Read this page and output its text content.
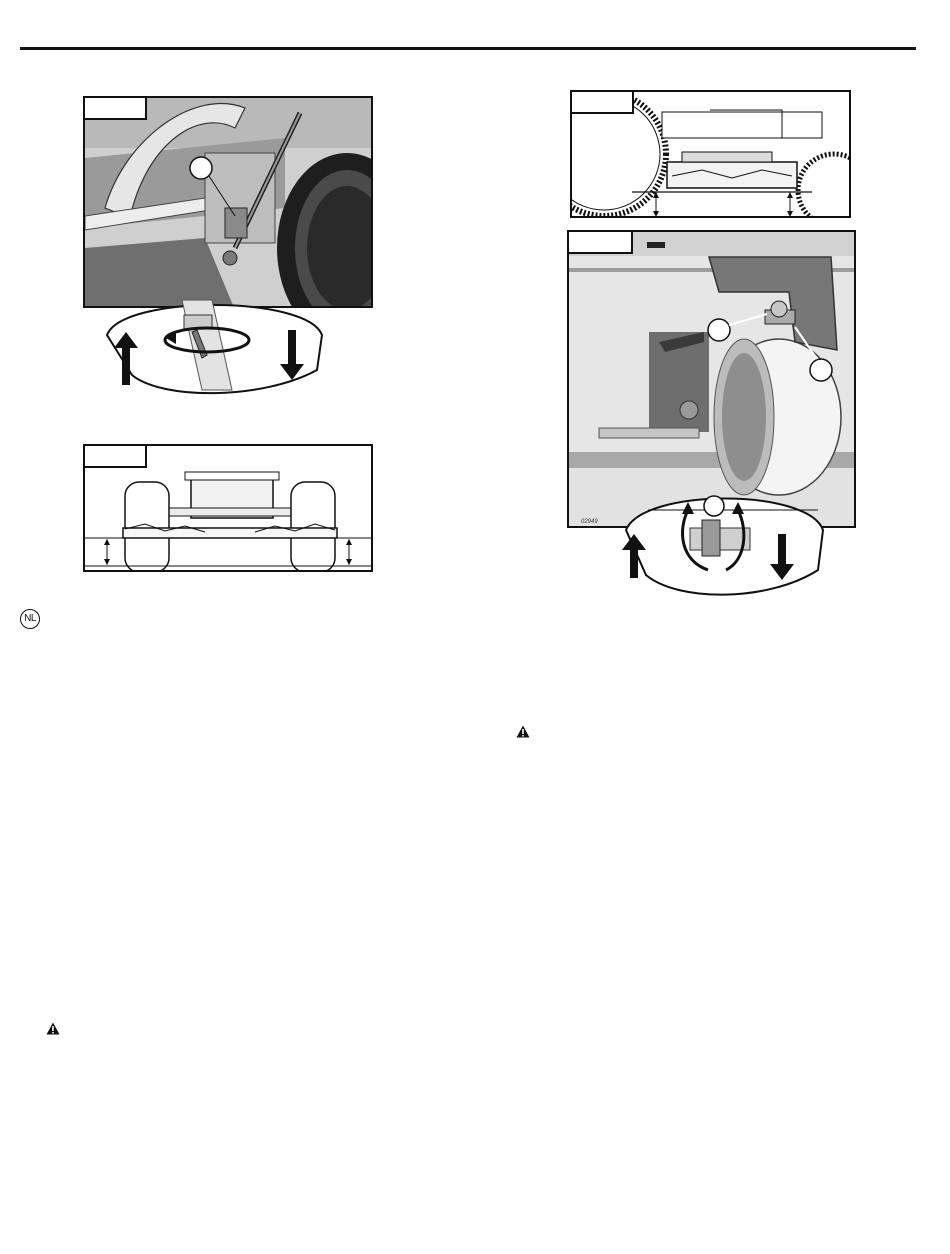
02949
NL
